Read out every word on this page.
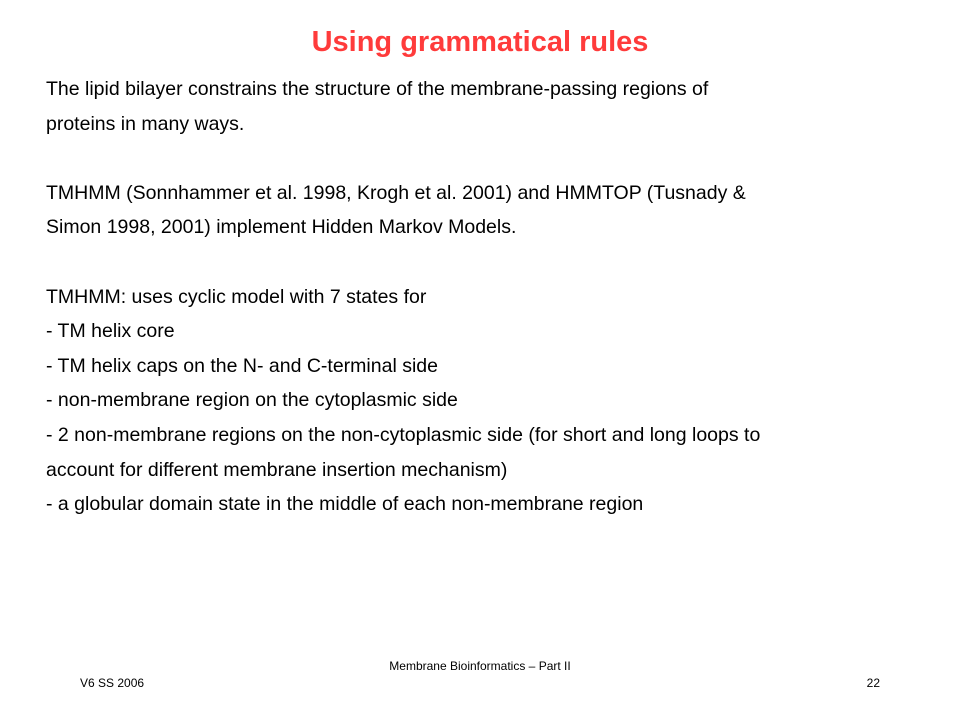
Using grammatical rules

The lipid bilayer constrains the structure of the membrane-passing regions of
proteins in many ways.

TMHMM (Sonnhammer et al. 1998, Krogh et al. 2001) and HMMTOP (Tusnady &
Simon 1998, 2001) implement Hidden Markov Models.

TMHMM: uses cyclic model with 7 states for
- TM helix core
- TM helix caps on the N- and C-terminal side
- non-membrane region on the cytoplasmic side
- 2 non-membrane regions on the non-cytoplasmic side (for short and long loops to
account for different membrane insertion mechanism)
- a globular domain state in the middle of each non-membrane region

Membrane Bioinformatics – Part II
V6 SS 2006	22
